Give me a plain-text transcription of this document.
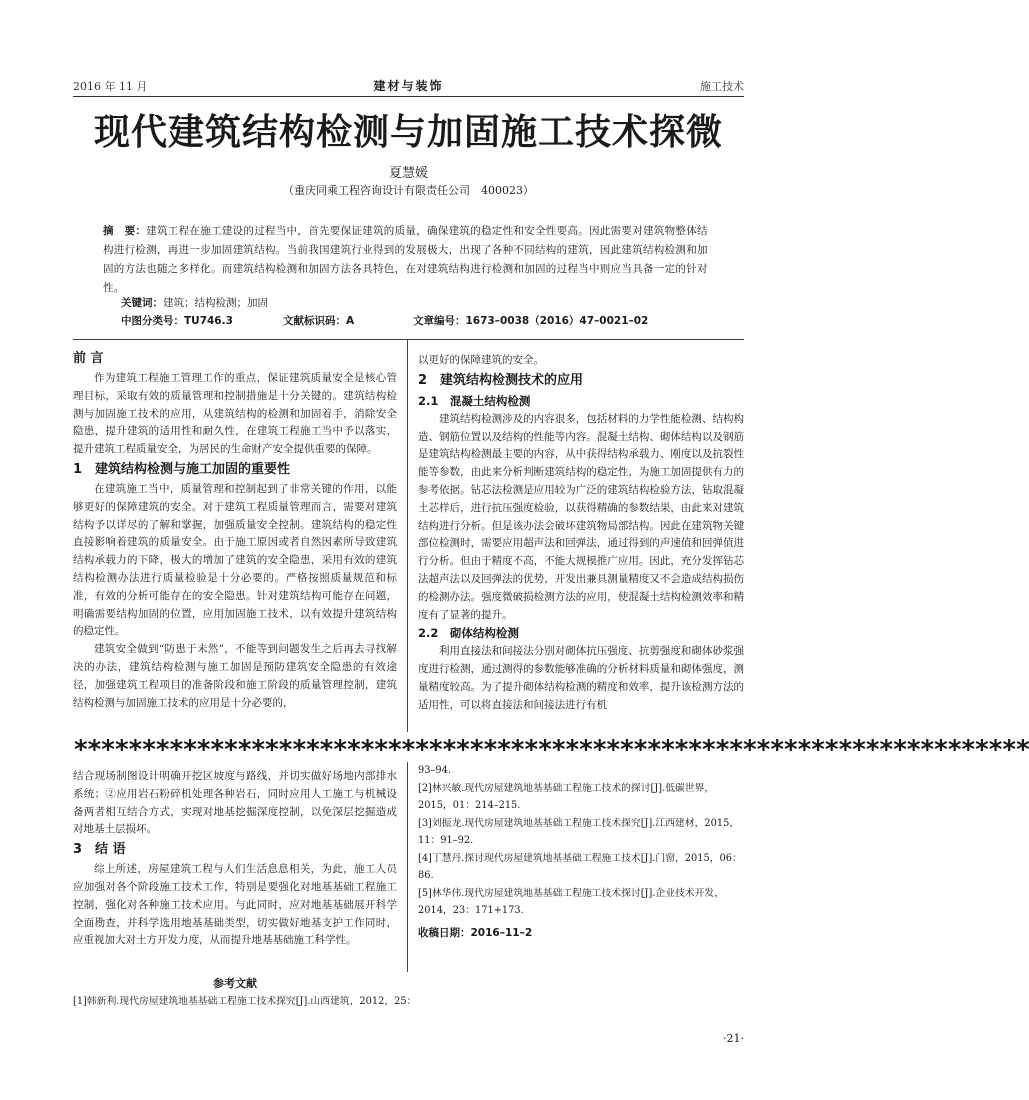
2016 年 11 月	建材与装饰	施工技术
现代建筑结构检测与加固施工技术探微
夏慧媛
（重庆同乘工程咨询设计有限责任公司　400023）
摘　要：建筑工程在施工建设的过程当中，首先要保证建筑的质量，确保建筑的稳定性和安全性要高。因此需要对建筑物整体结构进行检测，再进一步加固建筑结构。当前我国建筑行业得到的发展极大，出现了各种不同结构的建筑，因此建筑结构检测和加固的方法也随之多样化。而建筑结构检测和加固方法各具特色，在对建筑结构进行检测和加固的过程当中则应当具备一定的针对性。
关键词：建筑；结构检测；加固
中图分类号：TU746.3	文献标识码：A	文章编号：1673–0038（2016）47–0021–02

前 言

作为建筑工程施工管理工作的重点，保证建筑质量安全是核心管理目标，采取有效的质量管理和控制措施是十分关键的。建筑结构检测与加固施工技术的应用，从建筑结构的检测和加固着手，消除安全隐患，提升建筑的适用性和耐久性，在建筑工程施工当中予以落实，提升建筑工程质量安全，为居民的生命财产安全提供重要的保障。

1　建筑结构检测与施工加固的重要性

在建筑施工当中，质量管理和控制起到了非常关键的作用，以能够更好的保障建筑的安全。对于建筑工程质量管理而言，需要对建筑结构予以详尽的了解和掌握，加强质量安全控制。建筑结构的稳定性直接影响着建筑的质量安全。由于施工原因或者自然因素所导致建筑结构承载力的下降，极大的增加了建筑的安全隐患，采用有效的建筑结构检测办法进行质量检验是十分必要的。严格按照质量规范和标准，有效的分析可能存在的安全隐患。针对建筑结构可能存在问题，明确需要结构加固的位置，应用加固施工技术，以有效提升建筑结构的稳定性。

建筑安全做到“防患于未然”，不能等到问题发生之后再去寻找解决的办法，建筑结构检测与施工加固是预防建筑安全隐患的有效途径，加强建筑工程项目的准备阶段和施工阶段的质量管理控制，建筑结构检测与加固施工技术的应用是十分必要的，

以更好的保障建筑的安全。

2　建筑结构检测技术的应用

2.1　混凝土结构检测

建筑结构检测涉及的内容很多，包括材料的力学性能检测、结构构造、钢筋位置以及结构的性能等内容。混凝土结构、砌体结构以及钢筋是建筑结构检测最主要的内容，从中获得结构承载力、刚度以及抗裂性能等参数，由此来分析判断建筑结构的稳定性，为施工加固提供有力的参考依据。钻芯法检测是应用较为广泛的建筑结构检验方法，钻取混凝土芯样后，进行抗压强度检验，以获得精确的参数结果，由此来对建筑结构进行分析。但是该办法会破坏建筑物局部结构。因此在建筑物关键部位检测时，需要应用超声法和回弹法，通过得到的声速值和回弹值进行分析。但由于精度不高，不能大规模推广应用。因此，充分发挥钻芯法超声法以及回弹法的优势，开发出兼具测量精度又不会造成结构损伤的检测办法。强度微破损检测方法的应用，使混凝土结构检测效率和精度有了显著的提升。

2.2　砌体结构检测

利用直接法和间接法分别对砌体抗压强度、抗剪强度和砌体砂浆强度进行检测，通过测得的参数能够准确的分析材料质量和砌体强度，测量精度较高。为了提升砌体结构检测的精度和效率，提升该检测方法的适用性，可以将直接法和间接法进行有机

**********************************************************************

结合现场制图设计明确开挖区坡度与路线，并切实做好场地内部排水系统；②应用岩石粉碎机处理各种岩石，同时应用人工施工与机械设备两者相互结合方式，实现对地基挖掘深度控制，以免深层挖掘造成对地基土层损坏。

3　结 语

综上所述，房屋建筑工程与人们生活息息相关，为此，施工人员应加强对各个阶段施工技术工作，特别是要强化对地基基础工程施工控制，强化对各种施工技术应用。与此同时，应对地基基础展开科学全面勘查，并科学选用地基基础类型，切实做好地基支护工作同时，应重视加大对土方开发力度，从而提升地基基础施工科学性。

参考文献
[1]韩新利.现代房屋建筑地基基础工程施工技术探究[J].山西建筑，2012，25：
93–94.
[2]林兴敏.现代房屋建筑地基基础工程施工技术的探讨[J].低碳世界，2015，01：214–215.
[3]刘振龙.现代房屋建筑地基基础工程施工技术探究[J].江西建材，2015，11：91–92.
[4]丁慧丹.探讨现代房屋建筑地基基础工程施工技术[J].门窗，2015，06：86.
[5]林华伟.现代房屋建筑地基基础工程施工技术探讨[J].企业技术开发，2014，23：171+173.
收稿日期：2016–11–2
·21·
